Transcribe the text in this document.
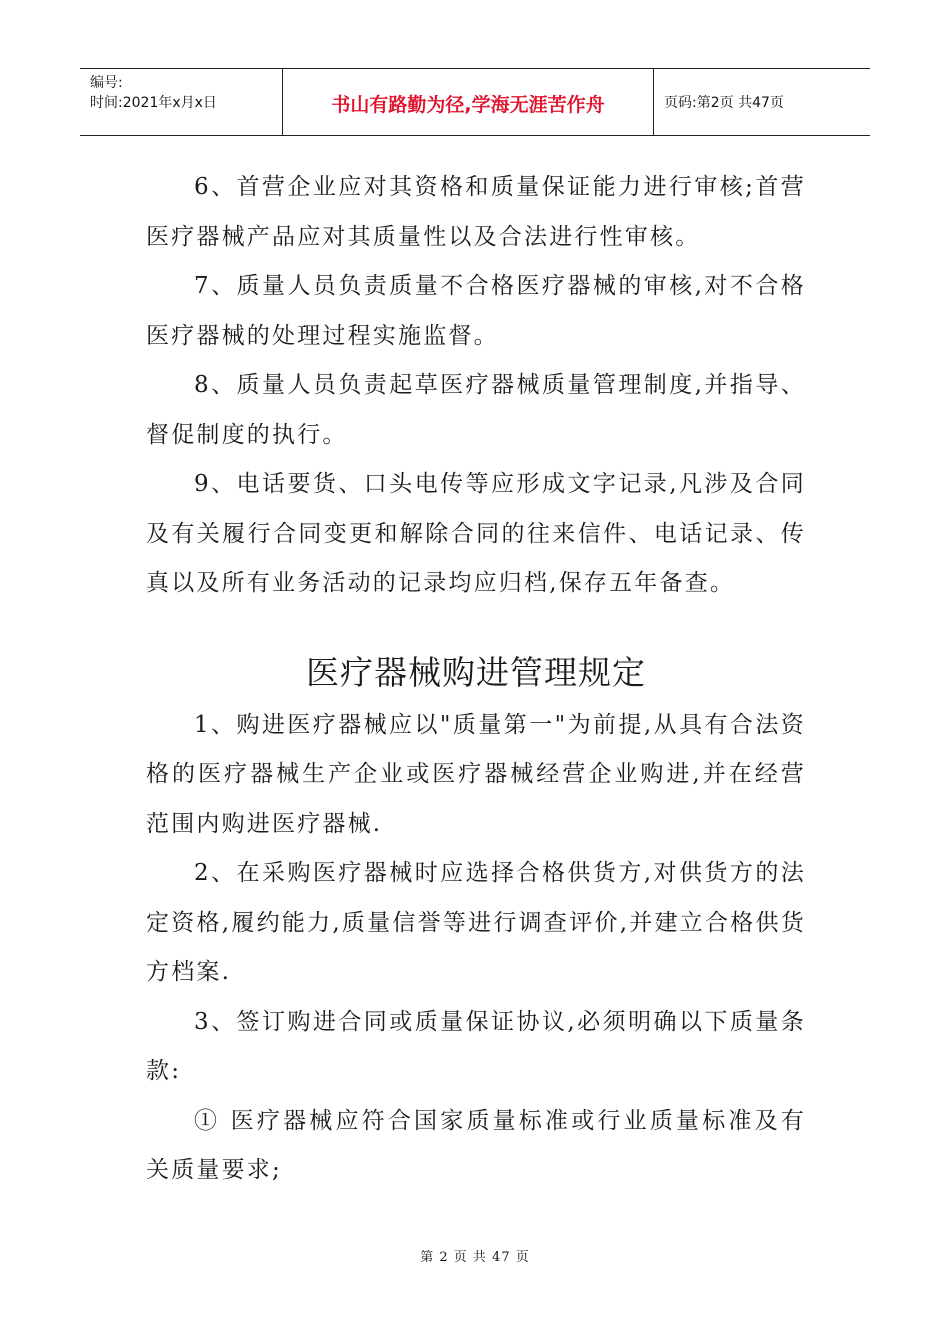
编号:
时间:2021年x月x日	书山有路勤为径,学海无涯苦作舟	页码:第2页 共47页

6、首营企业应对其资格和质量保证能力进行审核;首营医疗器械产品应对其质量性以及合法进行性审核。

7、质量人员负责质量不合格医疗器械的审核,对不合格医疗器械的处理过程实施监督。

8、质量人员负责起草医疗器械质量管理制度,并指导、督促制度的执行。

9、电话要货、口头电传等应形成文字记录,凡涉及合同及有关履行合同变更和解除合同的往来信件、电话记录、传真以及所有业务活动的记录均应归档,保存五年备查。

医疗器械购进管理规定

1、购进医疗器械应以"质量第一"为前提,从具有合法资格的医疗器械生产企业或医疗器械经营企业购进,并在经营范围内购进医疗器械.

2、在采购医疗器械时应选择合格供货方,对供货方的法定资格,履约能力,质量信誉等进行调查评价,并建立合格供货方档案.

3、签订购进合同或质量保证协议,必须明确以下质量条款:

① 医疗器械应符合国家质量标准或行业质量标准及有关质量要求;

第 2 页 共 47 页
